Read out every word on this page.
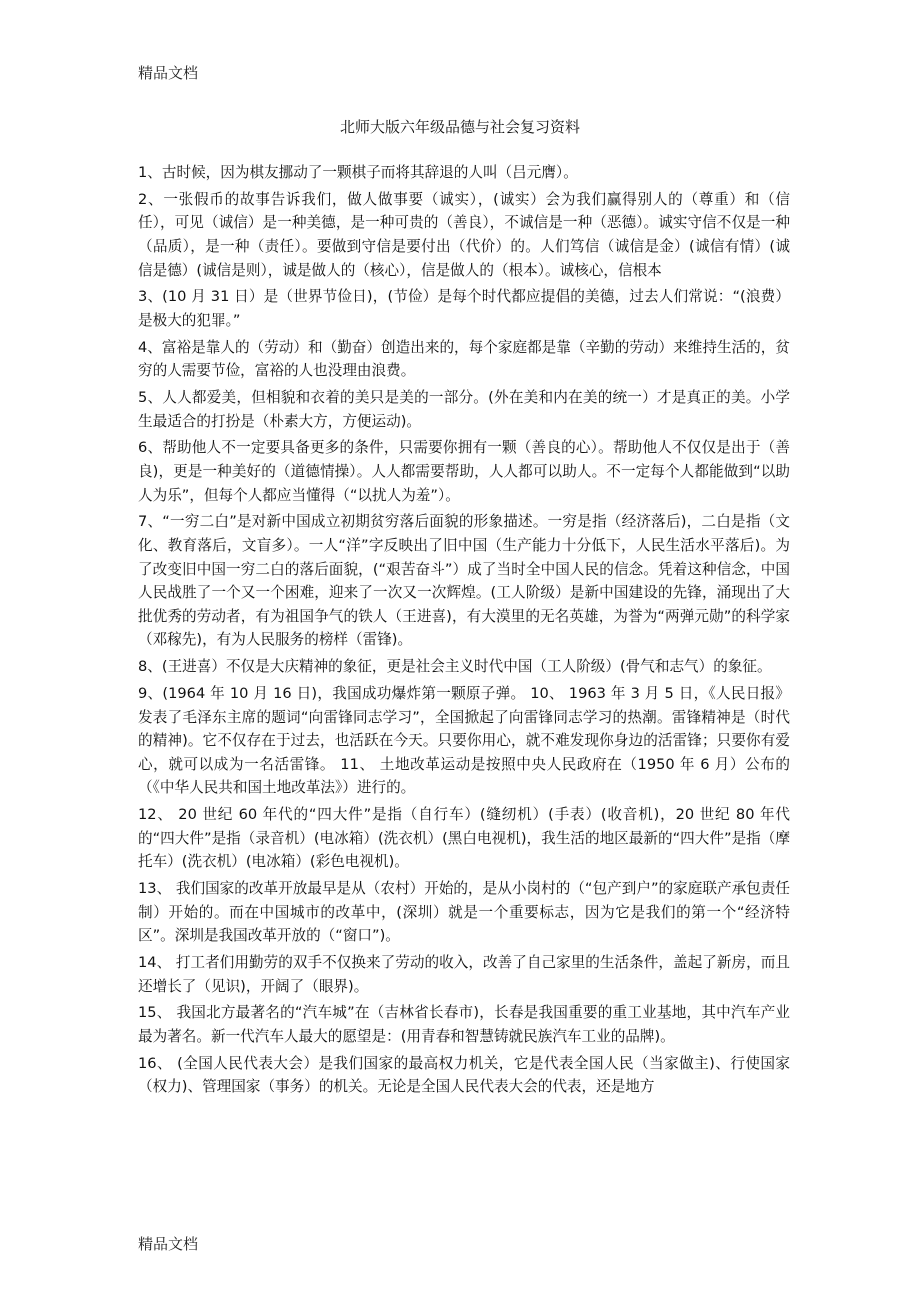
精品文档
北师大版六年级品德与社会复习资料

1、古时候，因为棋友挪动了一颗棋子而将其辞退的人叫（吕元膺）。

2、一张假币的故事告诉我们，做人做事要（诚实），(诚实）会为我们赢得别人的（尊重）和（信任），可见（诚信）是一种美德，是一种可贵的（善良），不诚信是一种（恶德）。诚实守信不仅是一种（品质），是一种（责任）。要做到守信是要付出（代价）的。人们笃信（诚信是金）(诚信有情）(诚信是德）(诚信是则），诚是做人的（核心），信是做人的（根本）。诚核心，信根本

3、(10 月 31 日）是（世界节俭日)，(节俭）是每个时代都应提倡的美德，过去人们常说：“(浪费）是极大的犯罪。”

4、富裕是靠人的（劳动）和（勤奋）创造出来的，每个家庭都是靠（辛勤的劳动）来维持生活的，贫穷的人需要节俭，富裕的人也没理由浪费。

5、人人都爱美，但相貌和衣着的美只是美的一部分。(外在美和内在美的统一）才是真正的美。小学生最适合的打扮是（朴素大方，方便运动)。

6、帮助他人不一定要具备更多的条件，只需要你拥有一颗（善良的心）。帮助他人不仅仅是出于（善良)，更是一种美好的（道德情操）。人人都需要帮助，人人都可以助人。不一定每个人都能做到“以助人为乐”，但每个人都应当懂得（“以扰人为羞”）。

7、“一穷二白”是对新中国成立初期贫穷落后面貌的形象描述。一穷是指（经济落后)，二白是指（文化、教育落后，文盲多）。一人“洋”字反映出了旧中国（生产能力十分低下，人民生活水平落后)。为了改变旧中国一穷二白的落后面貌，(“艰苦奋斗”）成了当时全中国人民的信念。凭着这种信念，中国人民战胜了一个又一个困难，迎来了一次又一次辉煌。(工人阶级）是新中国建设的先锋，涌现出了大批优秀的劳动者，有为祖国争气的铁人（王进喜)，有大漠里的无名英雄，为誉为“两弹元勋”的科学家（邓稼先)，有为人民服务的榜样（雷锋)。

8、(王进喜）不仅是大庆精神的象征，更是社会主义时代中国（工人阶级）(骨气和志气）的象征。

9、(1964 年 10 月 16 日)，我国成功爆炸第一颗原子弹。 10、 1963 年 3 月 5 日，《人民日报》发表了毛泽东主席的题词“向雷锋同志学习”，全国掀起了向雷锋同志学习的热潮。雷锋精神是（时代的精神)。它不仅存在于过去，也活跃在今天。只要你用心，就不难发现你身边的活雷锋；只要你有爱心，就可以成为一名活雷锋。 11、 土地改革运动是按照中央人民政府在（1950 年 6 月）公布的（《中华人民共和国土地改革法》）进行的。

12、 20 世纪 60 年代的“四大件”是指（自行车）(缝纫机）(手表）(收音机)，20 世纪 80 年代的“四大件”是指（录音机）(电冰箱）(洗衣机）(黑白电视机)，我生活的地区最新的“四大件”是指（摩托车）(洗衣机）(电冰箱）(彩色电视机)。

13、 我们国家的改革开放最早是从（农村）开始的，是从小岗村的（“包产到户”的家庭联产承包责任制）开始的。而在中国城市的改革中，(深圳）就是一个重要标志，因为它是我们的第一个“经济特区”。深圳是我国改革开放的（“窗口”)。

14、 打工者们用勤劳的双手不仅换来了劳动的收入，改善了自己家里的生活条件，盖起了新房，而且还增长了（见识)，开阔了（眼界)。

15、 我国北方最著名的“汽车城”在（吉林省长春市)，长春是我国重要的重工业基地，其中汽车产业最为著名。新一代汽车人最大的愿望是：(用青春和智慧铸就民族汽车工业的品牌)。

16、 (全国人民代表大会）是我们国家的最高权力机关，它是代表全国人民（当家做主)、行使国家（权力)、管理国家（事务）的机关。无论是全国人民代表大会的代表，还是地方

精品文档
